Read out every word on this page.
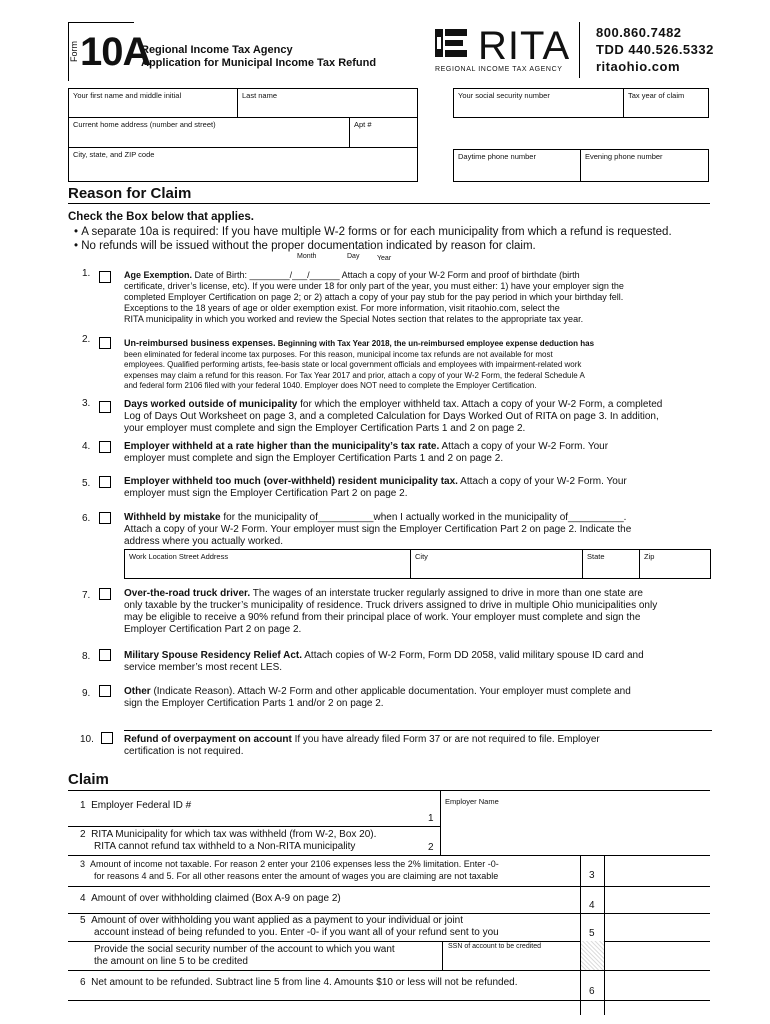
Form 10A
Regional Income Tax Agency
Application for Municipal Income Tax Refund	RITA
REGIONAL INCOME TAX AGENCY
800.860.7482
TDD 440.526.5332
ritaohio.com
Your first name and middle initial	Last name
Current home address (number and street)	Apt #
City, state, and ZIP code
Your social security number	Tax year of claim
Daytime phone number	Evening phone number
Reason for Claim
Check the Box below that applies.
• A separate 10a is required: If you have multiple W-2 forms or for each municipality from which a refund is requested.
• No refunds will be issued without the proper documentation indicated by reason for claim.
Month	Day	Year
1.	Age Exemption. Date of Birth: ________/___/______ Attach a copy of your W-2 Form and proof of birthdate (birth
certificate, driver’s license, etc). If you were under 18 for only part of the year, you must either: 1) have your employer sign the
completed Employer Certification on page 2; or 2) attach a copy of your pay stub for the pay period in which your birthday fell.
Exceptions to the 18 years of age or older exemption exist. For more information, visit ritaohio.com, select the
RITA municipality in which you worked and review the Special Notes section that relates to the appropriate tax year.
2.	Un-reimbursed business expenses. Beginning with Tax Year 2018, the un-reimbursed employee expense deduction has
been eliminated for federal income tax purposes. For this reason, municipal income tax refunds are not available for most
employees. Qualified performing artists, fee-basis state or local government officials and employees with impairment-related work
expenses may claim a refund for this reason. For Tax Year 2017 and prior, attach a copy of your W-2 Form, the federal Schedule A
and federal form 2106 filed with your federal 1040. Employer does NOT need to complete the Employer Certification.
3.	Days worked outside of municipality for which the employer withheld tax. Attach a copy of your W-2 Form, a completed
Log of Days Out Worksheet on page 3, and a completed Calculation for Days Worked Out of RITA on page 3. In addition,
your employer must complete and sign the Employer Certification Parts 1 and 2 on page 2.
4.	Employer withheld at a rate higher than the municipality’s tax rate. Attach a copy of your W-2 Form. Your
employer must complete and sign the Employer Certification Parts 1 and 2 on page 2.
5.	Employer withheld too much (over-withheld) resident municipality tax. Attach a copy of your W-2 Form. Your
employer must sign the Employer Certification Part 2 on page 2.
6.	Withheld by mistake for the municipality of__________when I actually worked in the municipality of__________.
Attach a copy of your W-2 Form. Your employer must sign the Employer Certification Part 2 on page 2. Indicate the
address where you actually worked.
Work Location Street Address	City	State	Zip
7.	Over-the-road truck driver. The wages of an interstate trucker regularly assigned to drive in more than one state are
only taxable by the trucker’s municipality of residence. Truck drivers assigned to drive in multiple Ohio municipalities only
may be eligible to receive a 90% refund from their principal place of work. Your employer must complete and sign the
Employer Certification Part 2 on page 2.
8.	Military Spouse Residency Relief Act. Attach copies of W-2 Form, Form DD 2058, valid military spouse ID card and
service member’s most recent LES.
9.	Other (Indicate Reason). Attach W-2 Form and other applicable documentation. Your employer must complete and
sign the Employer Certification Parts 1 and/or 2 on page 2.
10.	Refund of overpayment on account If you have already filed Form 37 or are not required to file. Employer
certification is not required.
Claim
Employer Name
SSN of account to be credited
1 Employer Federal ID #
1
2 RITA Municipality for which tax was withheld (from W-2, Box 20).
RITA cannot refund tax withheld to a Non-RITA municipality	2
3 Amount of income not taxable. For reason 2 enter your 2106 expenses less the 2% limitation. Enter -0-
for reasons 4 and 5. For all other reasons enter the amount of wages you are claiming are not taxable	3
4 Amount of over withholding claimed (Box A-9 on page 2)
4
5 Amount of over withholding you want applied as a payment to your individual or joint
account instead of being refunded to you. Enter -0- if you want all of your refund sent to you	5
Provide the social security number of the account to which you want
the amount on line 5 to be credited
6 Net amount to be refunded. Subtract line 5 from line 4. Amounts $10 or less will not be refunded.
6
